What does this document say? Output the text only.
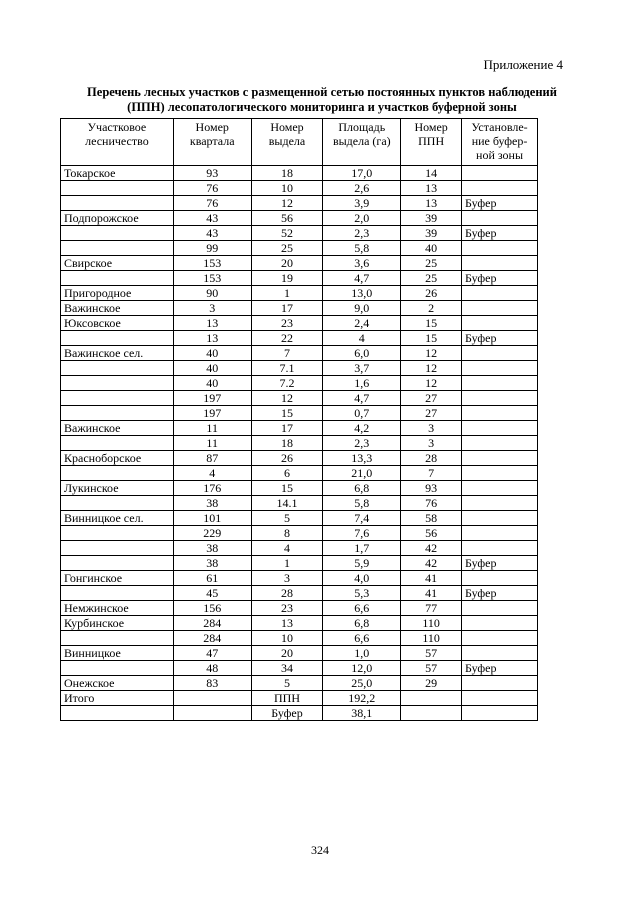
Приложение 4
Перечень лесных участков с размещенной сетью постоянных пунктов наблюдений
(ППН) лесопатологического мониторинга и участков буферной зоны
Участковое лесничество	Номер квартала	Номер выдела	Площадь выдела (га)	Номер ППН	Установле-ние буфер-ной зоны
Токарское	93	18	17,0	14	
	76	10	2,6	13	
	76	12	3,9	13	Буфер
Подпорожское	43	56	2,0	39	
	43	52	2,3	39	Буфер
	99	25	5,8	40	
Свирское	153	20	3,6	25	
	153	19	4,7	25	Буфер
Пригородное	90	1	13,0	26	
Важинское	3	17	9,0	2	
Юксовское	13	23	2,4	15	
	13	22	4	15	Буфер
Важинское сел.	40	7	6,0	12	
	40	7.1	3,7	12	
	40	7.2	1,6	12	
	197	12	4,7	27	
	197	15	0,7	27	
Важинское	11	17	4,2	3	
	11	18	2,3	3	
Красноборское	87	26	13,3	28	
	4	6	21,0	7	
Лукинское	176	15	6,8	93	
	38	14.1	5,8	76	
Винницкое сел.	101	5	7,4	58	
	229	8	7,6	56	
	38	4	1,7	42	
	38	1	5,9	42	Буфер
Гонгинское	61	3	4,0	41	
	45	28	5,3	41	Буфер
Немжинское	156	23	6,6	77	
Курбинское	284	13	6,8	110	
	284	10	6,6	110	
Винницкое	47	20	1,0	57	
	48	34	12,0	57	Буфер
Онежское	83	5	25,0	29	
Итого		ППН	192,2		
		Буфер	38,1		
324
